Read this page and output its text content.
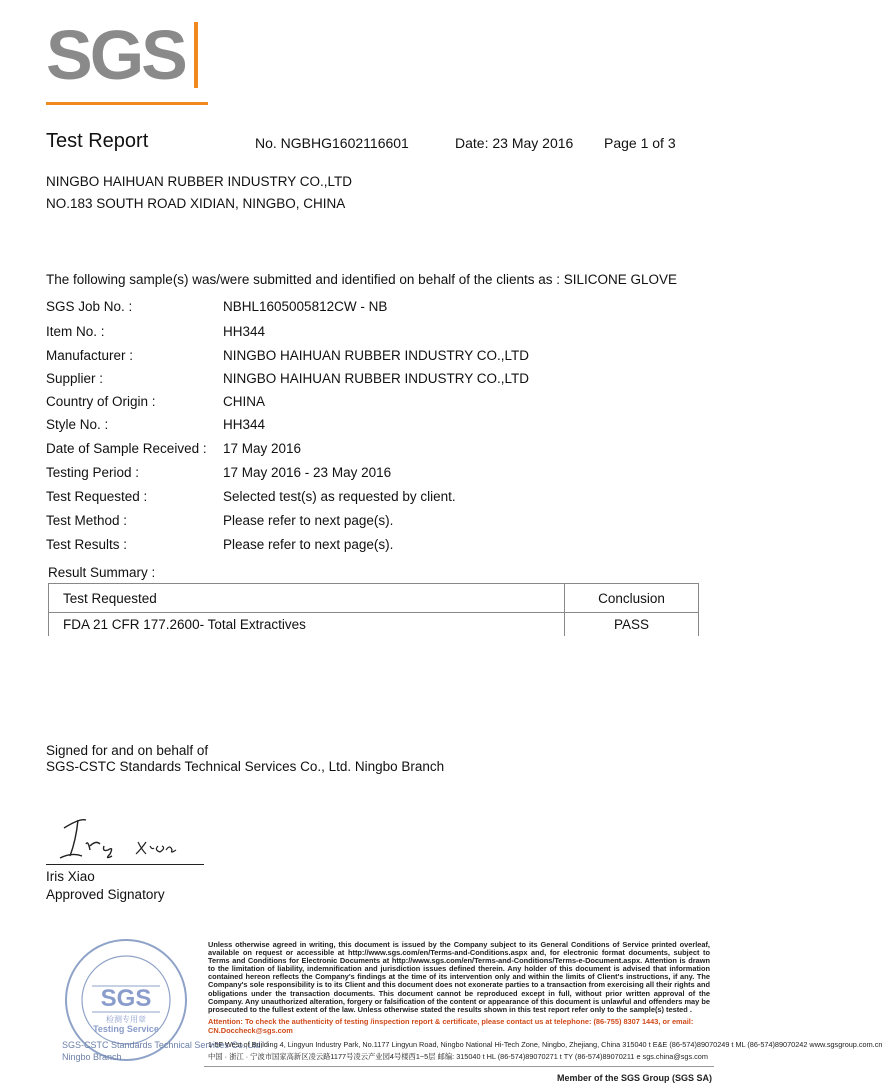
SGS
Test Report	No. NGBHG1602116601	Date: 23 May 2016 Page 1 of 3
NINGBO HAIHUAN RUBBER INDUSTRY CO.,LTD
NO.183 SOUTH ROAD XIDIAN, NINGBO, CHINA
The following sample(s) was/were submitted and identified on behalf of the clients as : SILICONE GLOVE
SGS Job No. :	NBHL1605005812CW - NB
Item No. :	HH344
Manufacturer :	NINGBO HAIHUAN RUBBER INDUSTRY CO.,LTD
Supplier :	NINGBO HAIHUAN RUBBER INDUSTRY CO.,LTD
Country of Origin :	CHINA
Style No. :	HH344
Date of Sample Received : 17 May 2016
Testing Period :	17 May 2016 - 23 May 2016
Test Requested :	Selected test(s) as requested by client.
Test Method :	Please refer to next page(s).
Test Results :	Please refer to next page(s).
Result Summary :
Test Requested	Conclusion
FDA 21 CFR 177.2600- Total Extractives	PASS
Signed for and on behalf of
SGS-CSTC Standards Technical Services Co., Ltd. Ningbo Branch
Iris Xiao
Approved Signatory
SGS
检测专用章
Testing Service
SGS-CSTC Standards Technical Services Co.,Ltd.
Ningbo Branch
Unless otherwise agreed in writing, this document is issued by the Company subject to its General Conditions of Service printed overleaf, available on request or accessible at http://www.sgs.com/en/Terms-and-Conditions.aspx and, for electronic format documents, subject to Terms and Conditions for Electronic Documents at http://www.sgs.com/en/Terms-and-Conditions/Terms-e-Document.aspx. Attention is drawn to the limitation of liability, indemnification and jurisdiction issues defined therein. Any holder of this document is advised that information contained hereon reflects the Company's findings at the time of its intervention only and within the limits of Client's instructions, if any. The Company's sole responsibility is to its Client and this document does not exonerate parties to a transaction from exercising all their rights and obligations under the transaction documents. This document cannot be reproduced except in full, without prior written approval of the Company. Any unauthorized alteration, forgery or falsification of the content or appearance of this document is unlawful and offenders may be prosecuted to the fullest extent of the law. Unless otherwise stated the results shown in this test report refer only to the sample(s) tested .
Attention: To check the authenticity of testing /inspection report & certificate, please contact us at telephone: (86-755) 8307 1443, or email: CN.Doccheck@sgs.com
1-5F West of Building 4, Lingyun Industry Park, No.1177 Lingyun Road, Ningbo National Hi-Tech Zone, Ningbo, Zhejiang, China 315040 t E&E (86-574)89070249 t ML (86-574)89070242 www.sgsgroup.com.cn
中国 · 浙江 · 宁波市国家高新区凌云路1177号凌云产业园4号楼西1~5层 邮编: 315040 t HL (86-574)89070271 t TY (86-574)89070211 e sgs.china@sgs.com
Member of the SGS Group (SGS SA)
